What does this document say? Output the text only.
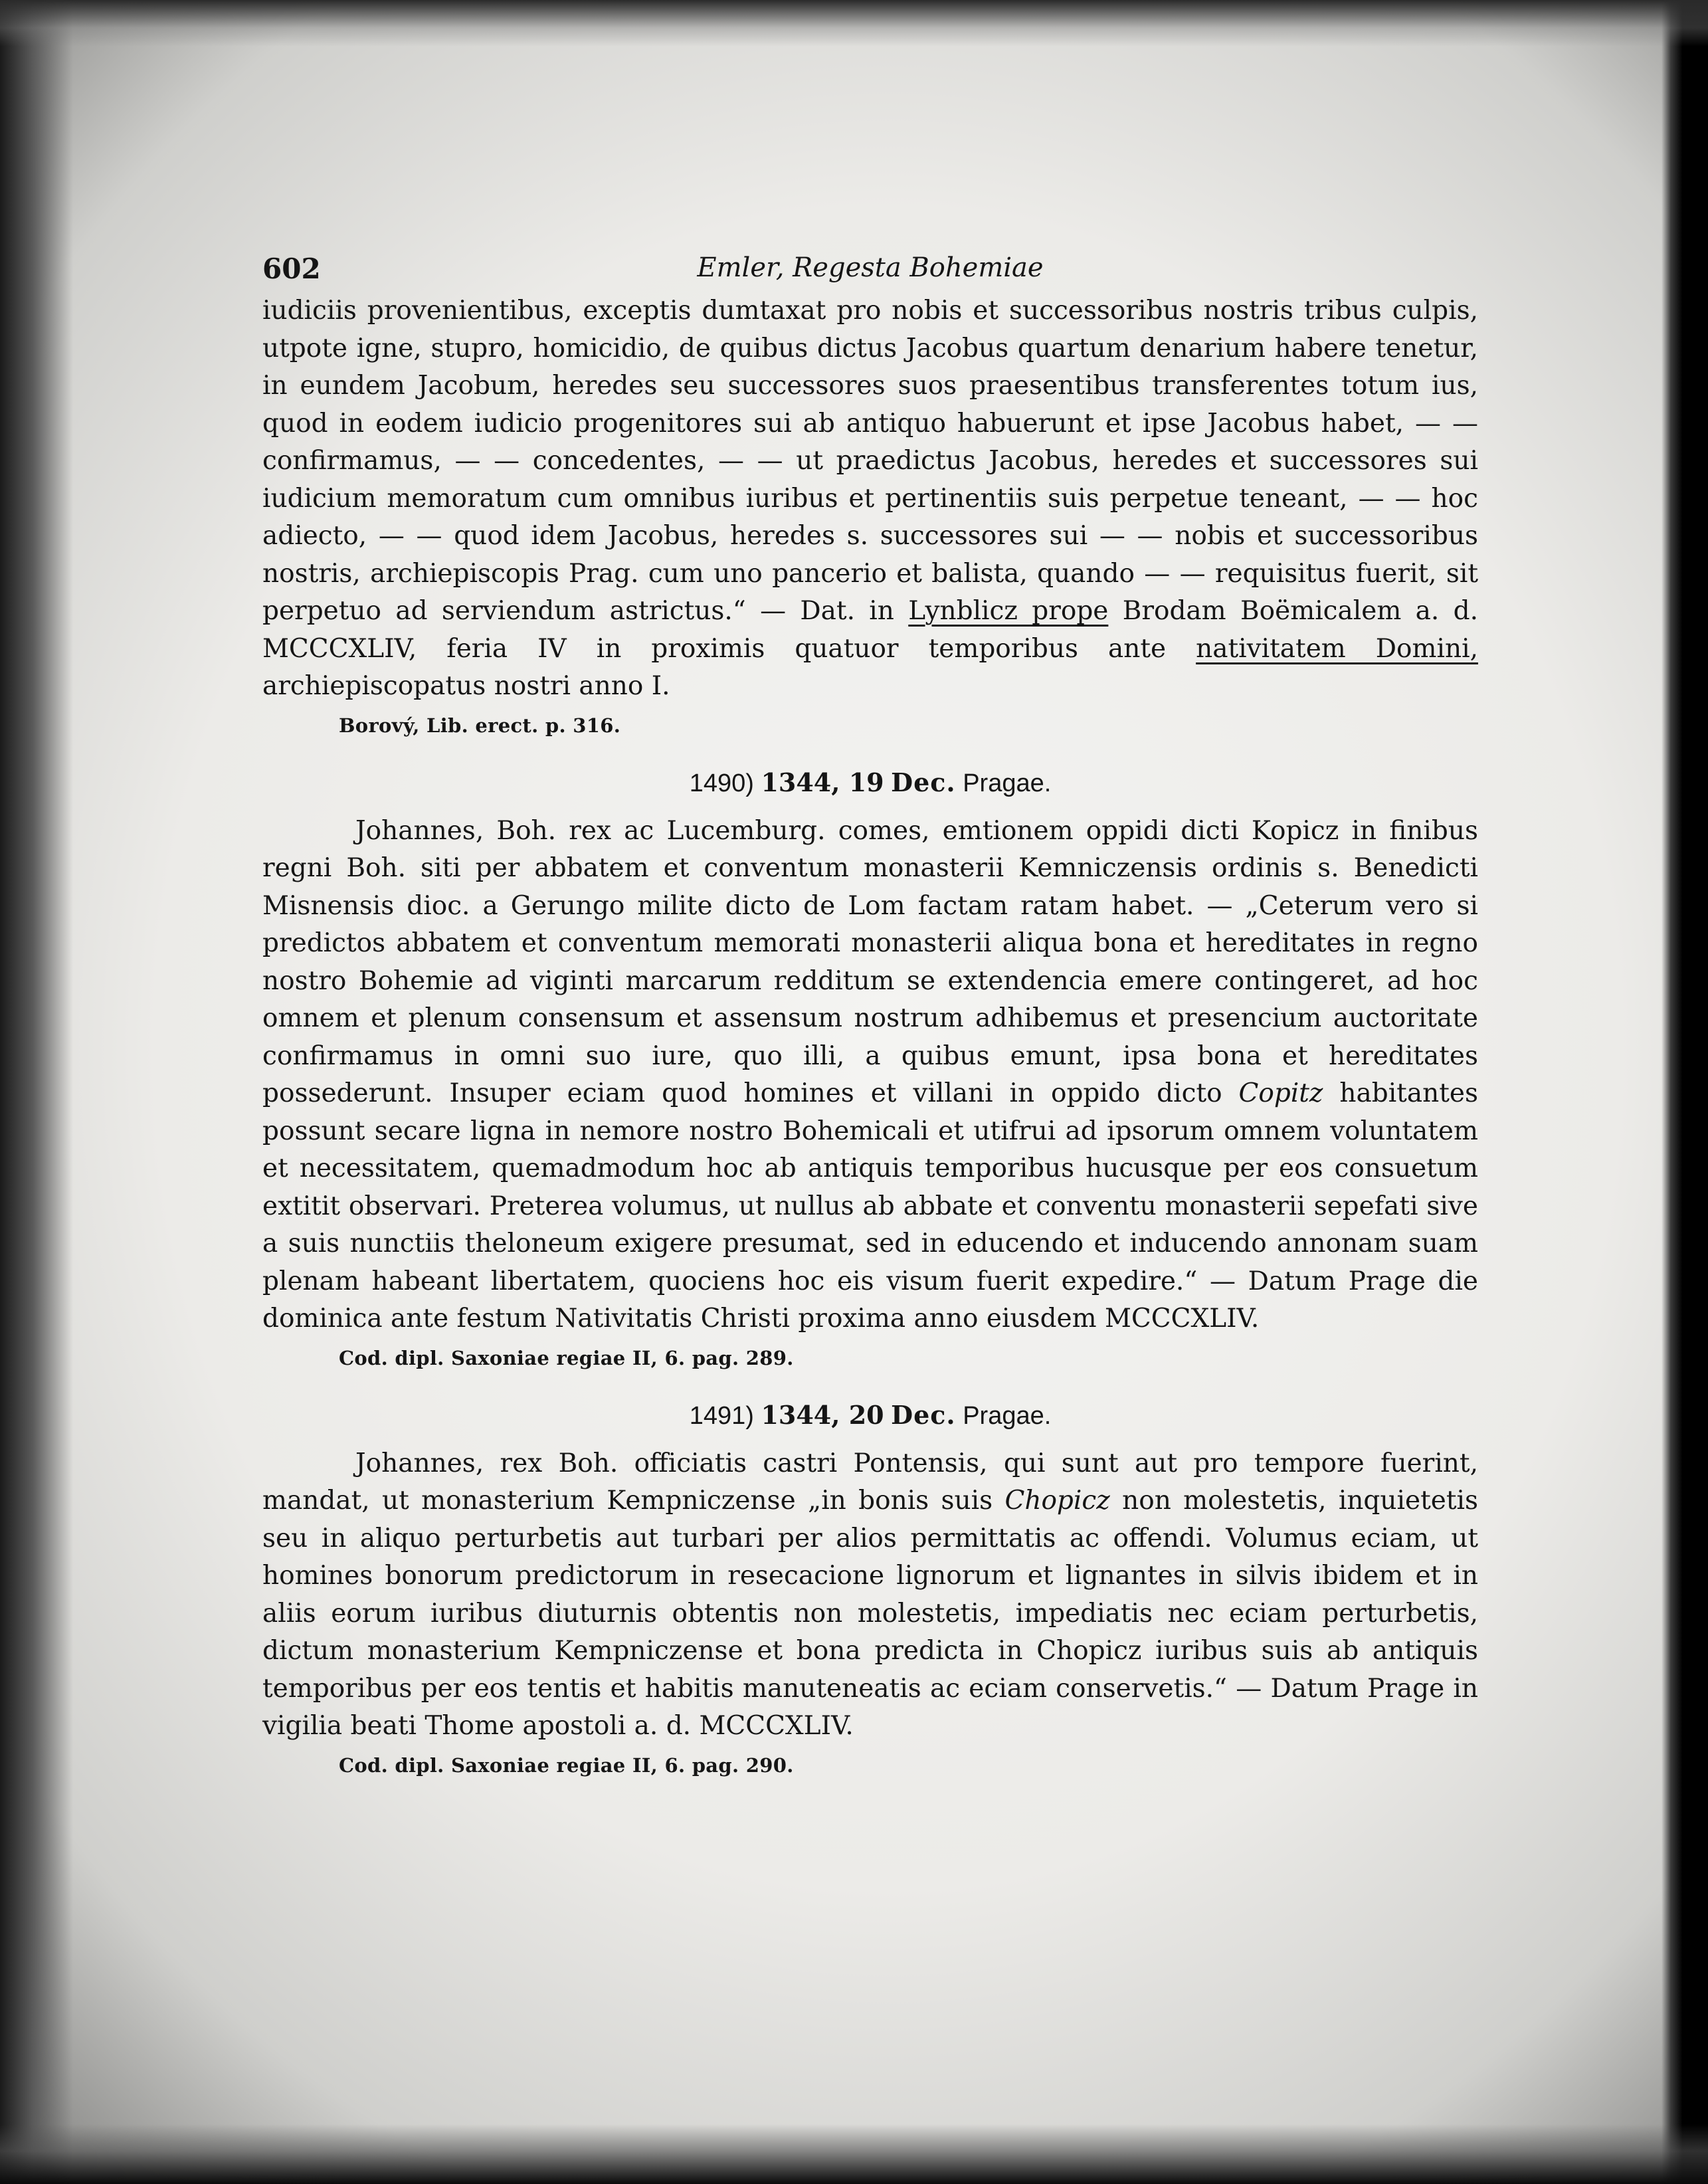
602	Emler, Regesta Bohemiae

iudiciis provenientibus, exceptis dumtaxat pro nobis et successoribus nostris tribus culpis, utpote igne, stupro, homicidio, de quibus dictus Jacobus quartum denarium habere tenetur, in eundem Jacobum, heredes seu successores suos praesentibus transferentes totum ius, quod in eodem iudicio progenitores sui ab antiquo habuerunt et ipse Jacobus habet, — — confirmamus, — — concedentes, — — ut praedictus Jacobus, heredes et successores sui iudicium memoratum cum omnibus iuribus et pertinentiis suis perpetue teneant, — — hoc adiecto, — — quod idem Jacobus, heredes s. successores sui — — nobis et successoribus nostris, archiepiscopis Prag. cum uno pancerio et balista, quando — — requisitus fuerit, sit perpetuo ad serviendum astrictus.“ — Dat. in Lynblicz prope Brodam Boëmicalem a. d. MCCCXLIV, feria IV in proximis quatuor temporibus ante nativitatem Domini, archiepiscopatus nostri anno I.

Borový, Lib. erect. p. 316.
1490) 1344, 19 Dec. Pragae.

Johannes, Boh. rex ac Lucemburg. comes, emtionem oppidi dicti Kopicz in finibus regni Boh. siti per abbatem et conventum monasterii Kemniczensis ordinis s. Benedicti Misnensis dioc. a Gerungo milite dicto de Lom factam ratam habet. — „Ceterum vero si predictos abbatem et conventum memorati monasterii aliqua bona et hereditates in regno nostro Bohemie ad viginti marcarum redditum se extendencia emere contingeret, ad hoc omnem et plenum consensum et assensum nostrum adhibemus et presencium auctoritate confirmamus in omni suo iure, quo illi, a quibus emunt, ipsa bona et hereditates possederunt. Insuper eciam quod homines et villani in oppido dicto Copitz habitantes possunt secare ligna in nemore nostro Bohemicali et utifrui ad ipsorum omnem voluntatem et necessitatem, quemadmodum hoc ab antiquis temporibus hucusque per eos consuetum extitit observari. Preterea volumus, ut nullus ab abbate et conventu monasterii sepefati sive a suis nunctiis theloneum exigere presumat, sed in educendo et inducendo annonam suam plenam habeant libertatem, quociens hoc eis visum fuerit expedire.“ — Datum Prage die dominica ante festum Nativitatis Christi proxima anno eiusdem MCCCXLIV.

Cod. dipl. Saxoniae regiae II, 6. pag. 289.
1491) 1344, 20 Dec. Pragae.

Johannes, rex Boh. officiatis castri Pontensis, qui sunt aut pro tempore fuerint, mandat, ut monasterium Kempniczense „in bonis suis Chopicz non molestetis, inquietetis seu in aliquo perturbetis aut turbari per alios permittatis ac offendi. Volumus eciam, ut homines bonorum predictorum in resecacione lignorum et lignantes in silvis ibidem et in aliis eorum iuribus diuturnis obtentis non molestetis, impediatis nec eciam perturbetis, dictum monasterium Kempniczense et bona predicta in Chopicz iuribus suis ab antiquis temporibus per eos tentis et habitis manuteneatis ac eciam conservetis.“ — Datum Prage in vigilia beati Thome apostoli a. d. MCCCXLIV.

Cod. dipl. Saxoniae regiae II, 6. pag. 290.
